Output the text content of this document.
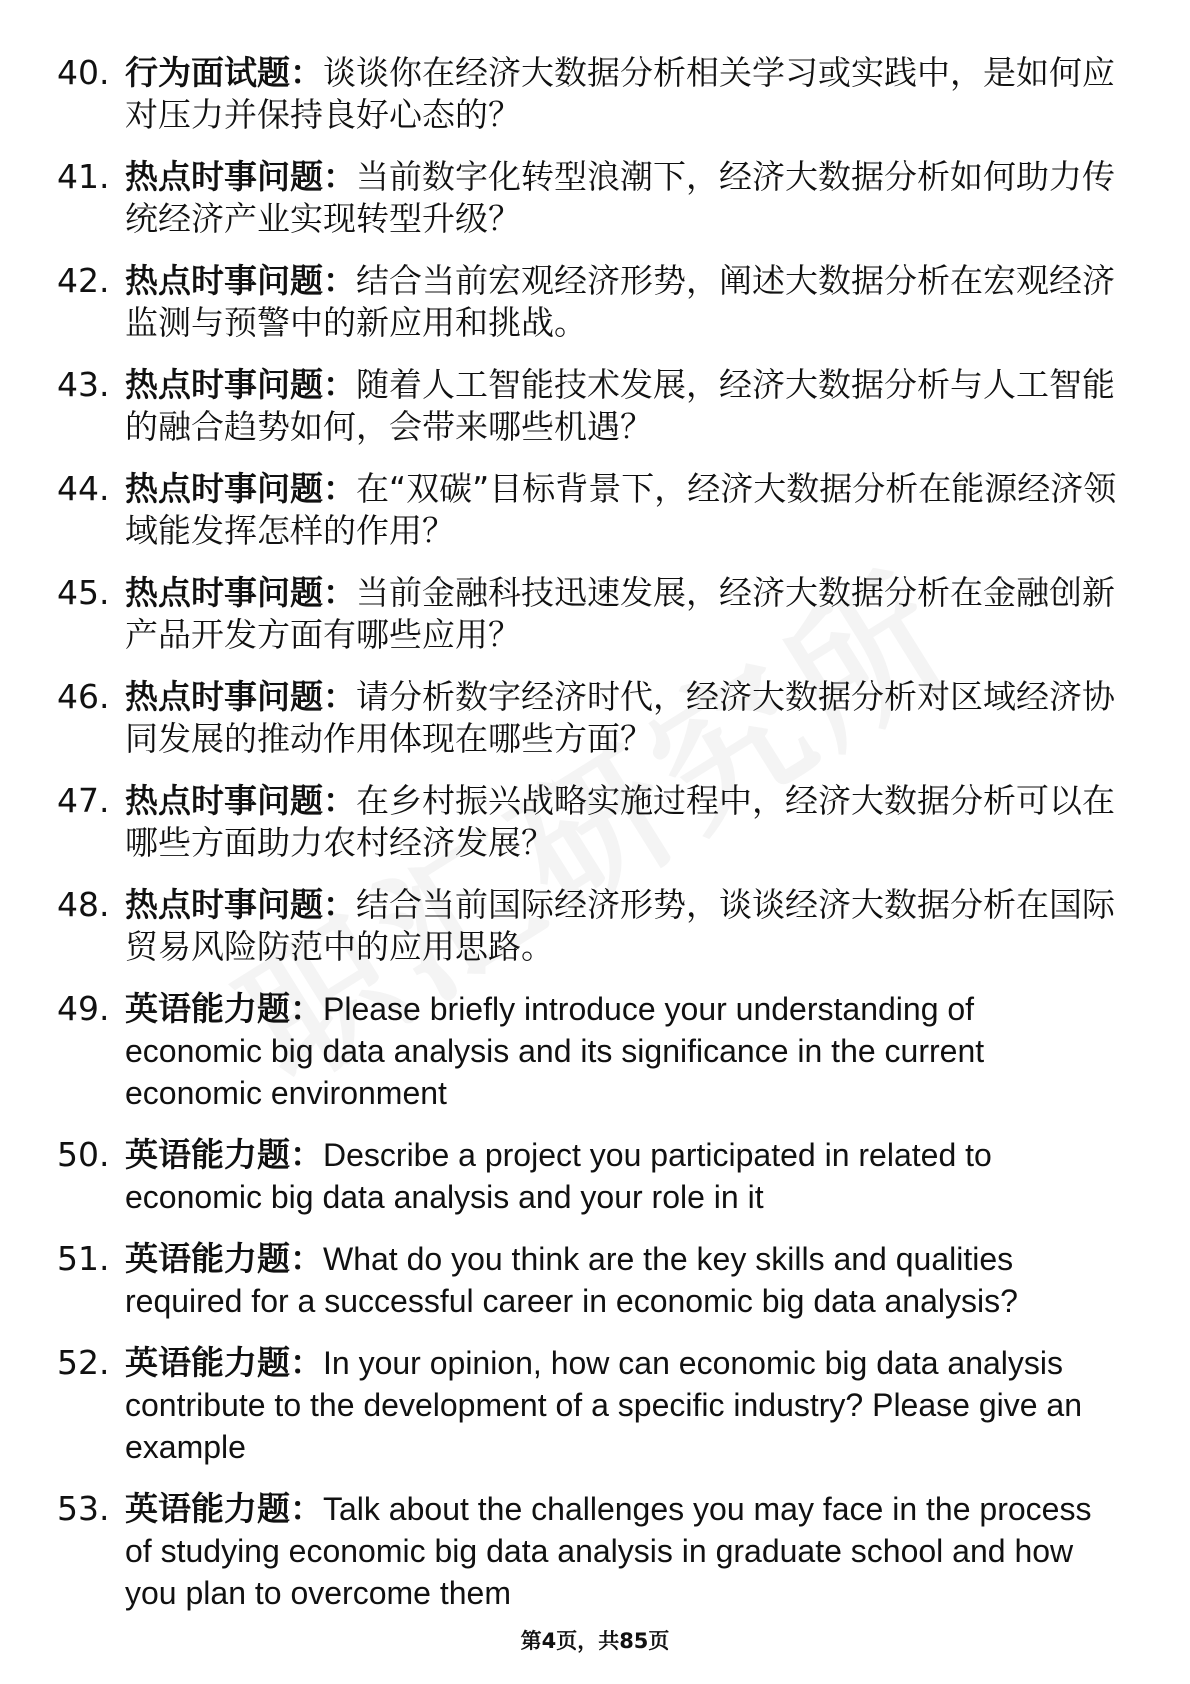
40. 行为面试题：谈谈你在经济大数据分析相关学习或实践中，是如何应对压力并保持良好心态的？
41. 热点时事问题：当前数字化转型浪潮下，经济大数据分析如何助力传统经济产业实现转型升级？
42. 热点时事问题：结合当前宏观经济形势，阐述大数据分析在宏观经济监测与预警中的新应用和挑战。
43. 热点时事问题：随着人工智能技术发展，经济大数据分析与人工智能的融合趋势如何，会带来哪些机遇？
44. 热点时事问题：在“双碳”目标背景下，经济大数据分析在能源经济领域能发挥怎样的作用？
45. 热点时事问题：当前金融科技迅速发展，经济大数据分析在金融创新产品开发方面有哪些应用？
46. 热点时事问题：请分析数字经济时代，经济大数据分析对区域经济协同发展的推动作用体现在哪些方面？
47. 热点时事问题：在乡村振兴战略实施过程中，经济大数据分析可以在哪些方面助力农村经济发展？
48. 热点时事问题：结合当前国际经济形势，谈谈经济大数据分析在国际贸易风险防范中的应用思路。
49. 英语能力题：Please briefly introduce your understanding of economic big data analysis and its significance in the current economic environment
50. 英语能力题：Describe a project you participated in related to economic big data analysis and your role in it
51. 英语能力题：What do you think are the key skills and qualities required for a successful career in economic big data analysis?
52. 英语能力题：In your opinion, how can economic big data analysis contribute to the development of a specific industry? Please give an example
53. 英语能力题：Talk about the challenges you may face in the process of studying economic big data analysis in graduate school and how you plan to overcome them
第4页，共85页
